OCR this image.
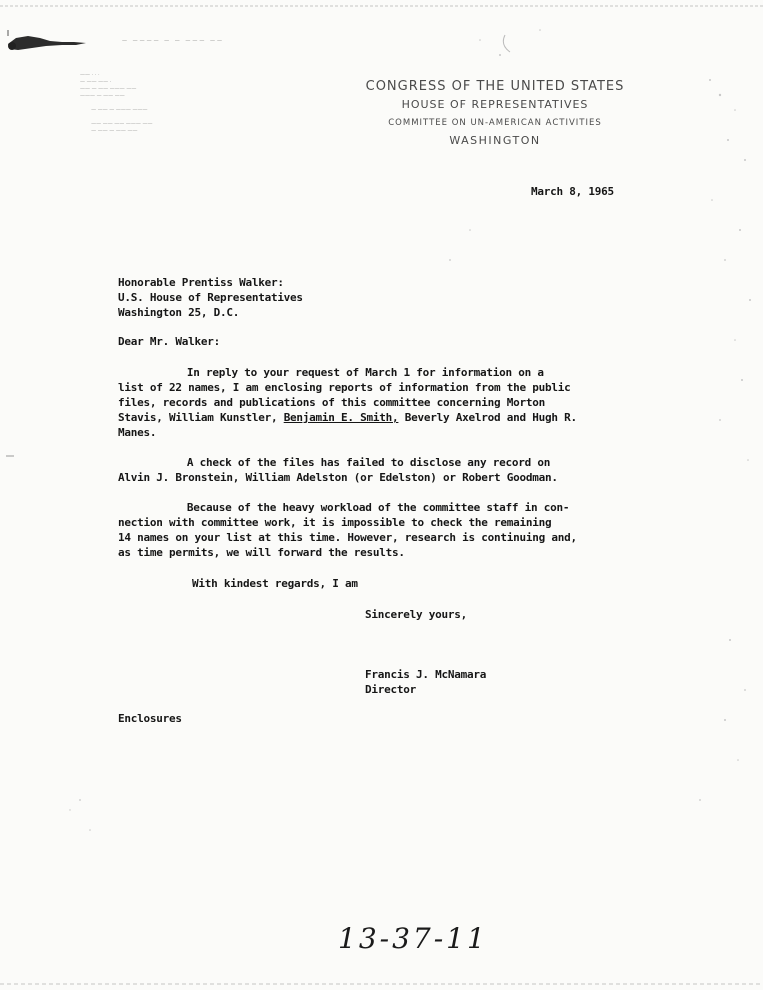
— ———— — — ——— ——

—— · · ·

— —— —— ·

—— — —— ——— ——

——— — —— ——

— —— — ——— ———

—— —— —— ——— ——

— —— — —— ——

CONGRESS OF THE UNITED STATES
HOUSE OF REPRESENTATIVES
COMMITTEE ON UN-AMERICAN ACTIVITIES
WASHINGTON
March 8, 1965
Honorable Prentiss Walker:
U.S. House of Representatives
Washington 25, D.C.
Dear Mr. Walker:
In reply to your request of March 1 for information on a
list of 22 names, I am enclosing reports of information from the public
files, records and publications of this committee concerning Morton
Stavis, William Kunstler, Benjamin E. Smith, Beverly Axelrod and Hugh R.
Manes.
A check of the files has failed to disclose any record on
Alvin J. Bronstein, William Adelston (or Edelston) or Robert Goodman.
Because of the heavy workload of the committee staff in con-
nection with committee work, it is impossible to check the remaining
14 names on your list at this time. However, research is continuing and,
as time permits, we will forward the results.
With kindest regards, I am
Sincerely yours,
Francis J. McNamara
Director
Enclosures
13-37-11
